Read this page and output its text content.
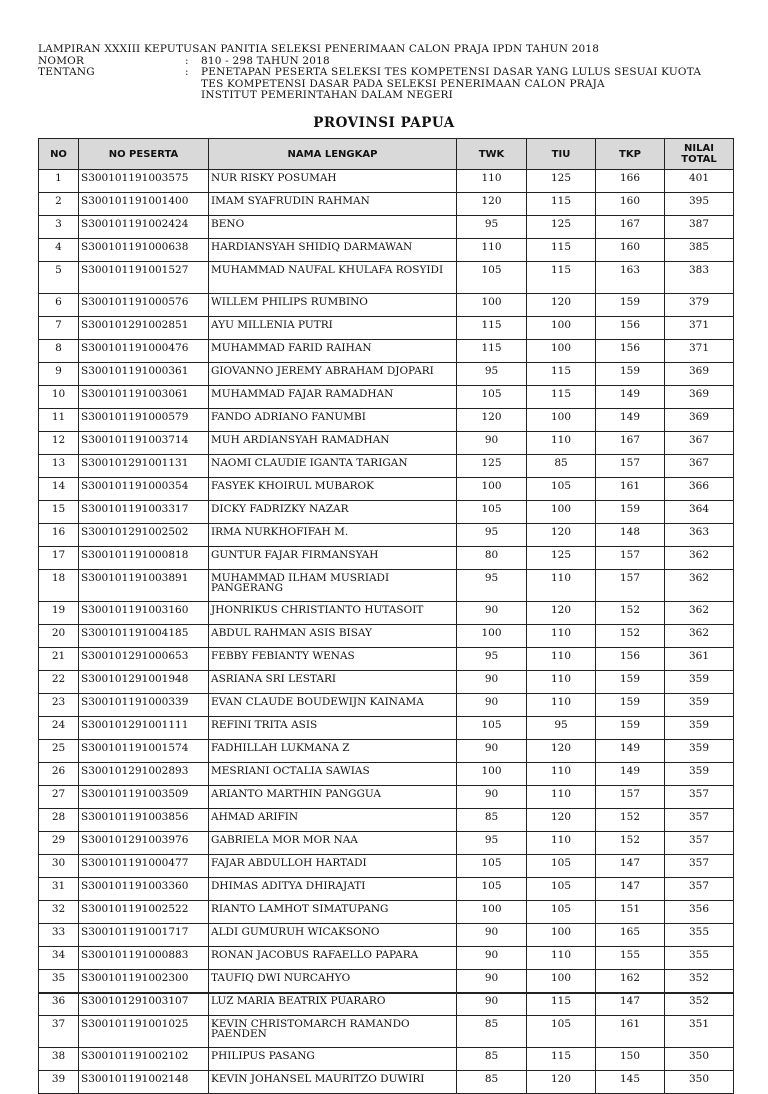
LAMPIRAN XXXIII KEPUTUSAN PANITIA SELEKSI PENERIMAAN CALON PRAJA IPDN TAHUN 2018
NOMOR	:	810 - 298 TAHUN 2018
TENTANG	:	PENETAPAN PESERTA SELEKSI TES KOMPETENSI DASAR YANG LULUS SESUAI KUOTA
TES KOMPETENSI DASAR PADA SELEKSI PENERIMAAN CALON PRAJA
INSTITUT PEMERINTAHAN DALAM NEGERI
PROVINSI PAPUA
NO	NO PESERTA	NAMA LENGKAP	TWK	TIU	TKP	NILAI
TOTAL
1	S300101191003575	NUR RISKY POSUMAH	110	125	166	401
2	S300101191001400	IMAM SYAFRUDIN RAHMAN	120	115	160	395
3	S300101191002424	BENO	95	125	167	387
4	S300101191000638	HARDIANSYAH SHIDIQ DARMAWAN	110	115	160	385
5	S300101191001527	MUHAMMAD NAUFAL KHULAFA ROSYIDI	105	115	163	383
6	S300101191000576	WILLEM PHILIPS RUMBINO	100	120	159	379
7	S300101291002851	AYU MILLENIA PUTRI	115	100	156	371
8	S300101191000476	MUHAMMAD FARID RAIHAN	115	100	156	371
9	S300101191000361	GIOVANNO JEREMY ABRAHAM DJOPARI	95	115	159	369
10	S300101191003061	MUHAMMAD FAJAR RAMADHAN	105	115	149	369
11	S300101191000579	FANDO ADRIANO FANUMBI	120	100	149	369
12	S300101191003714	MUH ARDIANSYAH RAMADHAN	90	110	167	367
13	S300101291001131	NAOMI CLAUDIE IGANTA TARIGAN	125	85	157	367
14	S300101191000354	FASYEK KHOIRUL MUBAROK	100	105	161	366
15	S300101191003317	DICKY FADRIZKY NAZAR	105	100	159	364
16	S300101291002502	IRMA NURKHOFIFAH M.	95	120	148	363
17	S300101191000818	GUNTUR FAJAR FIRMANSYAH	80	125	157	362
18	S300101191003891	MUHAMMAD ILHAM MUSRIADI PANGERANG	95	110	157	362
19	S300101191003160	JHONRIKUS CHRISTIANTO HUTASOIT	90	120	152	362
20	S300101191004185	ABDUL RAHMAN ASIS BISAY	100	110	152	362
21	S300101291000653	FEBBY FEBIANTY WENAS	95	110	156	361
22	S300101291001948	ASRIANA SRI LESTARI	90	110	159	359
23	S300101191000339	EVAN CLAUDE BOUDEWIJN KAINAMA	90	110	159	359
24	S300101291001111	REFINI TRITA ASIS	105	95	159	359
25	S300101191001574	FADHILLAH LUKMANA Z	90	120	149	359
26	S300101291002893	MESRIANI OCTALIA SAWIAS	100	110	149	359
27	S300101191003509	ARIANTO MARTHIN PANGGUA	90	110	157	357
28	S300101191003856	AHMAD ARIFIN	85	120	152	357
29	S300101291003976	GABRIELA MOR MOR NAA	95	110	152	357
30	S300101191000477	FAJAR ABDULLOH HARTADI	105	105	147	357
31	S300101191003360	DHIMAS ADITYA DHIRAJATI	105	105	147	357
32	S300101191002522	RIANTO LAMHOT SIMATUPANG	100	105	151	356
33	S300101191001717	ALDI GUMURUH WICAKSONO	90	100	165	355
34	S300101191000883	RONAN JACOBUS RAFAELLO PAPARA	90	110	155	355
35	S300101191002300	TAUFIQ DWI NURCAHYO	90	100	162	352
36	S300101291003107	LUZ MARIA BEATRIX PUARARO	90	115	147	352
37	S300101191001025	KEVIN CHRISTOMARCH RAMANDO PAENDEN	85	105	161	351
38	S300101191002102	PHILIPUS PASANG	85	115	150	350
39	S300101191002148	KEVIN JOHANSEL MAURITZO DUWIRI	85	120	145	350
